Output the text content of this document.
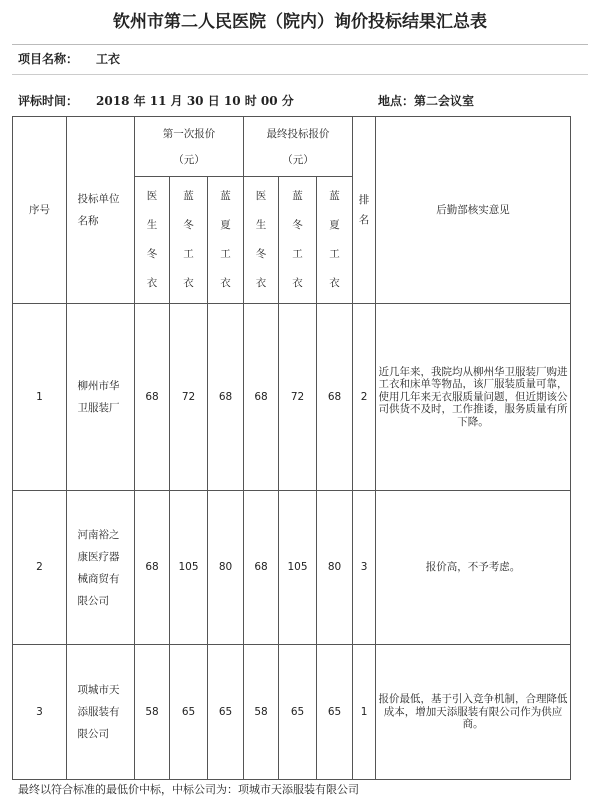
钦州市第二人民医院（院内）询价投标结果汇总表
项目名称： 工衣
评标时间： 2018 年 11 月 30 日 10 时 00 分	地点：第二会议室
序号	投标单位名称	第一次报价
（元）			最终投标报价
（元）			排名	后勤部核实意见
		医生冬衣	蓝冬工衣	蓝夏工衣	医生冬衣	蓝冬工衣	蓝夏工衣		
1	柳州市华卫服装厂	68	72	68	68	72	68	2	近几年来，我院均从柳州华卫服装厂购进工衣和床单等物品，该厂服装质量可靠，使用几年来无衣服质量问题，但近期该公司供货不及时，工作推诿，服务质量有所下降。
2	河南裕之康医疗器械商贸有限公司	68	105	80	68	105	80	3	报价高，不予考虑。
3	项城市天添服装有限公司	58	65	65	58	65	65	1	报价最低，基于引入竞争机制，合理降低成本，增加天添服装有限公司作为供应商。
最终以符合标准的最低价中标，中标公司为：项城市天添服装有限公司
